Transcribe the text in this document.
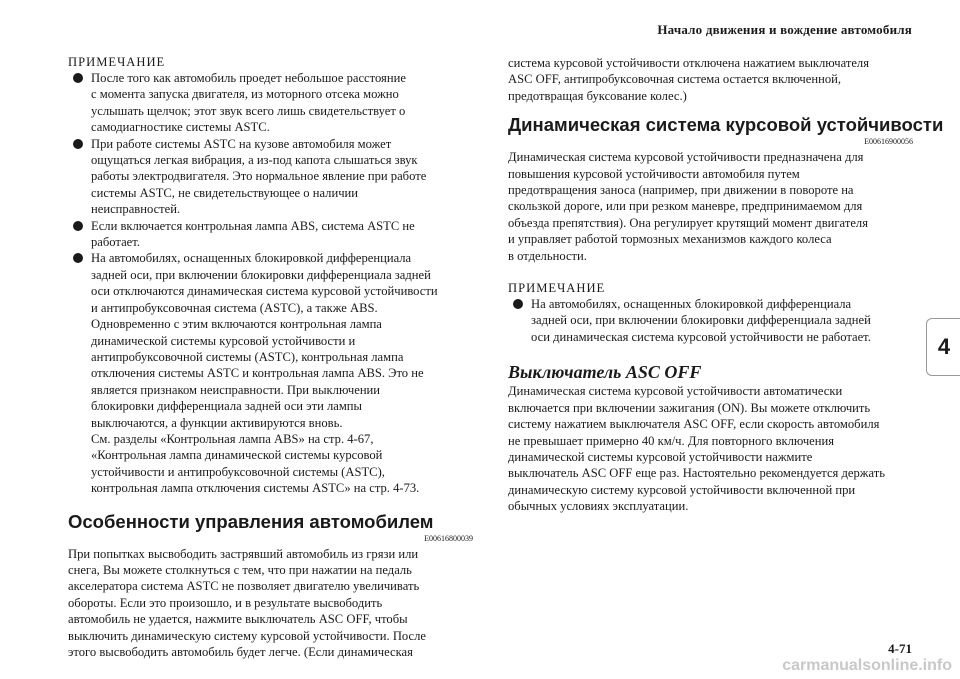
Начало движения и вождение автомобиля
ПРИМЕЧАНИЕ

После того как автомобиль проедет небольшое расстояние

с момента запуска двигателя, из моторного отсека можно

услышать щелчок; этот звук всего лишь свидетельствует о

самодиагностике системы ASTC.

При работе системы ASTC на кузове автомобиля может

ощущаться легкая вибрация, а из-под капота слышаться звук

работы электродвигателя. Это нормальное явление при работе

системы ASTC, не свидетельствующее о наличии

неисправностей.

Если включается контрольная лампа ABS, система ASTC не

работает.

На автомобилях, оснащенных блокировкой дифференциала

задней оси, при включении блокировки дифференциала задней

оси отключаются динамическая система курсовой устойчивости

и антипробуксовочная система (ASTC), а также ABS.

Одновременно с этим включаются контрольная лампа

динамической системы курсовой устойчивости и

антипробуксовочной системы (ASTC), контрольная лампа

отключения системы ASTC и контрольная лампа ABS. Это не

является признаком неисправности. При выключении

блокировки дифференциала задней оси эти лампы

выключаются, а функции активируются вновь.

См. разделы «Контрольная лампа ABS» на стр. 4-67,

«Контрольная лампа динамической системы курсовой

устойчивости и антипробуксовочной системы (ASTC),

контрольная лампа отключения системы ASTC» на стр. 4-73.

Особенности управления автомобилем
E00616800039

При попытках высвободить застрявший автомобиль из грязи или

снега, Вы можете столкнуться с тем, что при нажатии на педаль

акселератора система ASTC не позволяет двигателю увеличивать

обороты. Если это произошло, и в результате высвободить

автомобиль не удается, нажмите выключатель ASC OFF, чтобы

выключить динамическую систему курсовой устойчивости. После

этого высвободить автомобиль будет легче. (Если динамическая

система курсовой устойчивости отключена нажатием выключателя

ASC OFF, антипробуксовочная система остается включенной,

предотвращая буксование колес.)

Динамическая система курсовой устойчивости
E00616900056

Динамическая система курсовой устойчивости предназначена для

повышения курсовой устойчивости автомобиля путем

предотвращения заноса (например, при движении в повороте на

скользкой дороге, или при резком маневре, предпринимаемом для

объезда препятствия). Она регулирует крутящий момент двигателя

и управляет работой тормозных механизмов каждого колеса

в отдельности.

ПРИМЕЧАНИЕ

На автомобилях, оснащенных блокировкой дифференциала

задней оси, при включении блокировки дифференциала задней

оси динамическая система курсовой устойчивости не работает.

Выключатель ASC OFF

Динамическая система курсовой устойчивости автоматически

включается при включении зажигания (ON). Вы можете отключить

систему нажатием выключателя ASC OFF, если скорость автомобиля

не превышает примерно 40 км/ч. Для повторного включения

динамической системы курсовой устойчивости нажмите

выключатель ASC OFF еще раз. Настоятельно рекомендуется держать

динамическую систему курсовой устойчивости включенной при

обычных условиях эксплуатации.

4
4-71
carmanualsonline.info
